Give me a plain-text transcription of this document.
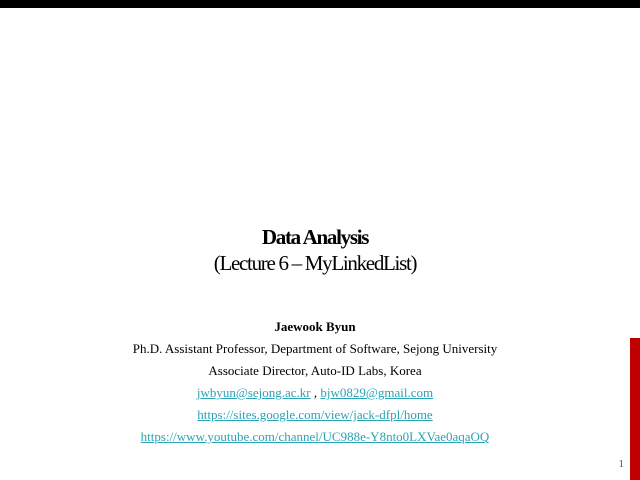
Data Analysis
(Lecture 6 – MyLinkedList)
Jaewook Byun
Ph.D. Assistant Professor, Department of Software, Sejong University
Associate Director, Auto-ID Labs, Korea
jwbyun@sejong.ac.kr , bjw0829@gmail.com
https://sites.google.com/view/jack-dfpl/home
https://www.youtube.com/channel/UC988e-Y8nto0LXVae0aqaOQ
1
